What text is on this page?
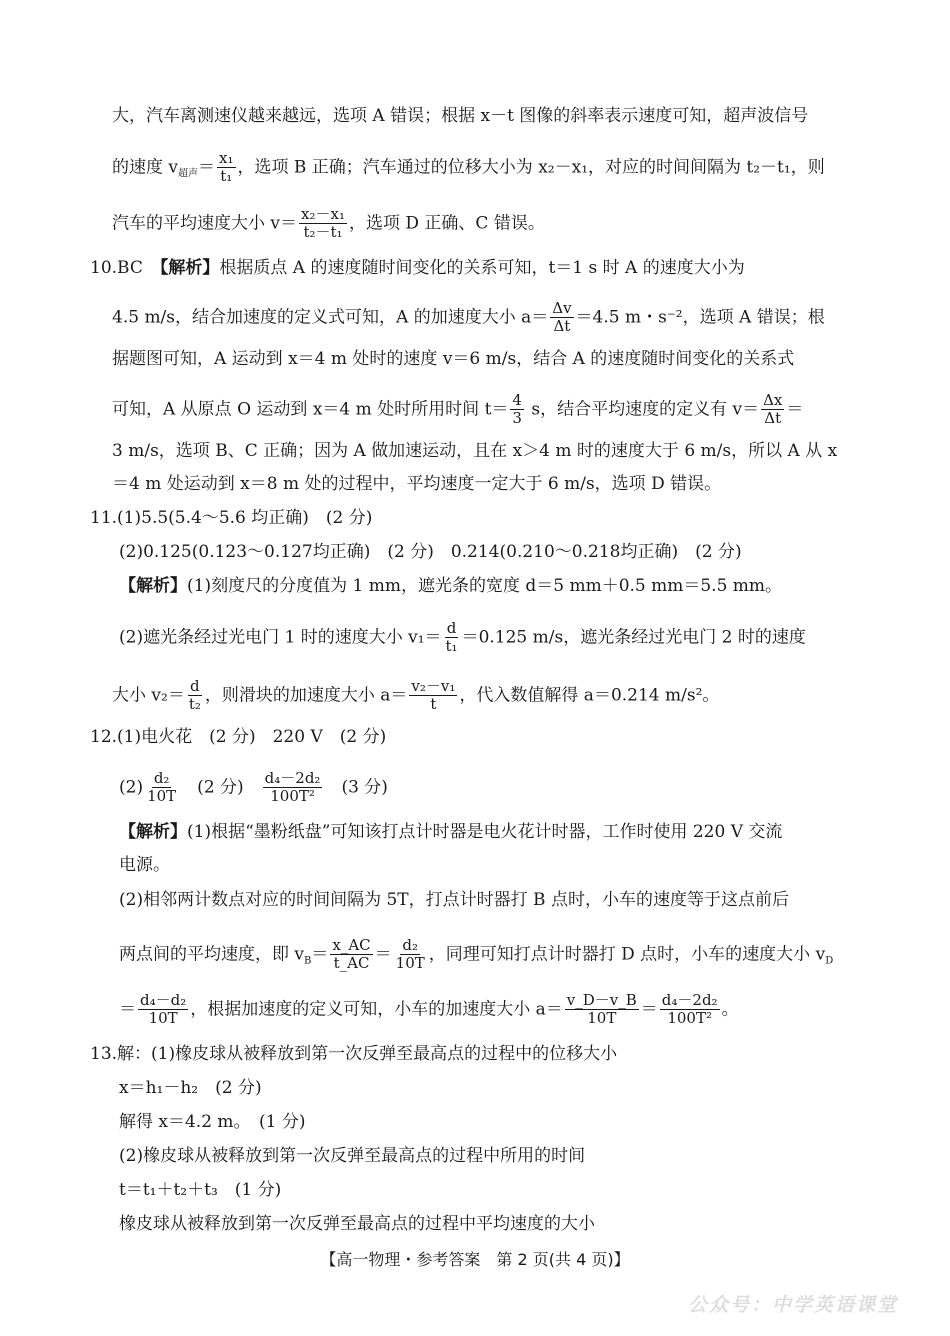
大，汽车离测速仪越来越远，选项 A 错误；根据 x－t 图像的斜率表示速度可知，超声波信号
的速度 $v_{超声}= \frac{\text{x₁}}{\text{t₁}}$ ，选项 B 正确；汽车通过的位移大小为 x₂－x₁，对应的时间间隔为 t₂－t₁，则
汽车的平均速度大小 $v= \frac{\text{x₂－x₁}}{\text{t₂－t₁}}$ ，选项 D 正确、C 错误。
10.BC　 【解析】根据质点 A 的速度随时间变化的关系可知，t＝1 s 时 A 的速度大小为
4.5 m/s，结合加速度的定义式可知，A 的加速度大小 $a= \frac{\Delta v}{\Delta t} =4.5$ m・s⁻²，选项 A 错误；根
据题图可知，A 运动到 x＝4 m 处时的速度 v＝6 m/s，结合 A 的速度随时间变化的关系式
可知，A 从原点 O 运动到 x＝4 m 处时所用时间 $t= \frac{4}{3}$ s，结合平均速度的定义有 $v= \frac{\Delta x}{\Delta t}$ ＝
3 m/s，选项 B、C 正确；因为 A 做加速运动，且在 x＞4 m 时的速度大于 6 m/s，所以 A 从 x
＝4 m 处运动到 x＝8 m 处的过程中，平均速度一定大于 6 m/s，选项 D 错误。
11.(1)5.5(5.4～5.6 均正确)　(2 分)
(2)0.125(0.123～0.127均正确)　(2 分)　0.214(0.210～0.218均正确)　(2 分)
【解析】(1)刻度尺的分度值为 1 mm，遮光条的宽度 d＝5 mm＋0.5 mm＝5.5 mm。
(2)遮光条经过光电门 1 时的速度大小 $v_1= \frac{d}{\text{t₁}} =0.125$ m/s，遮光条经过光电门 2 时的速度
大小 $v_2= \frac{d}{\text{t₂}}$ ，则滑块的加速度大小 $a= \frac{\text{v₂－v₁}}{t}$ ，代入数值解得 a＝0.214 m/s²。
12.(1)电火花　(2 分)　220 V　(2 分)
$(2) \frac{\text{d₂}}{10T}$ 　(2 分)　 $\frac{\text{d₄－2d₂}}{\text{100T²}}$ 　(3 分)
【解析】(1)根据“墨粉纸盘”可知该打点计时器是电火花计时器，工作时使用 220 V 交流
电源。
(2)相邻两计数点对应的时间间隔为 5T，打点计时器打 B 点时，小车的速度等于这点前后
两点间的平均速度，即 $v_B= \frac{x\_AC}{t\_AC} = \frac{\text{d₂}}{10T}$ ，同理可知打点计时器打 D 点时，小车的速度大小 $v_D$
＝ $\frac{\text{d₄－d₂}}{10T}$ ，根据加速度的定义可知，小车的加速度大小 $a= \frac{v\_D-v\_B}{10T} = \frac{\text{d₄－2d₂}}{\text{100T²}}$ 。
13.解：(1)橡皮球从被释放到第一次反弹至最高点的过程中的位移大小
x＝h₁－h₂　(2 分)
解得 x＝4.2 m。　(1 分)
(2)橡皮球从被释放到第一次反弹至最高点的过程中所用的时间
t＝t₁＋t₂＋t₃　(1 分)
橡皮球从被释放到第一次反弹至最高点的过程中平均速度的大小
【高一物理・参考答案　第 2 页(共 4 页)】
公众号：中学英语课堂
